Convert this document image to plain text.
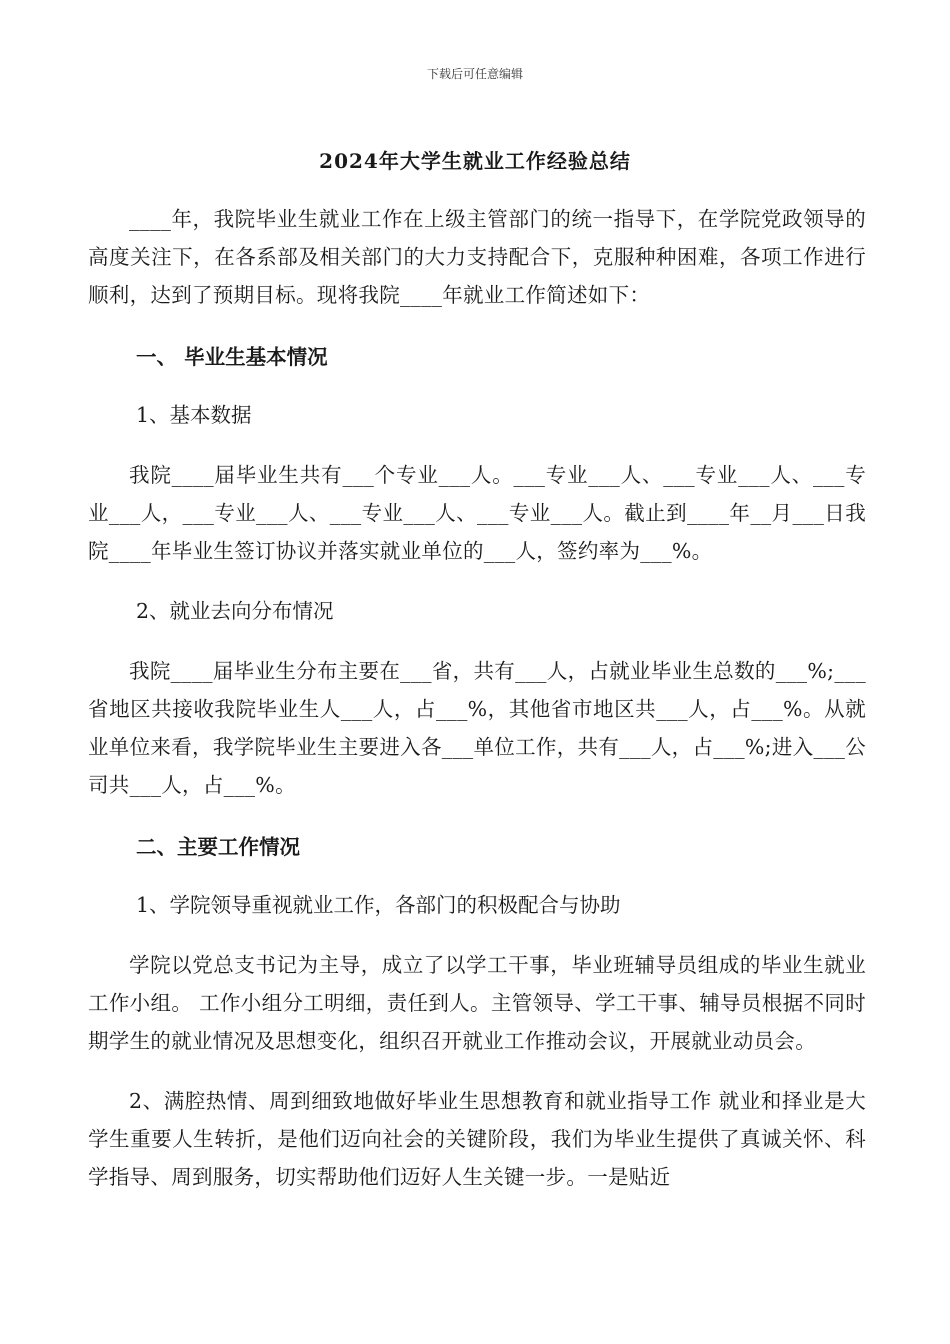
下载后可任意编辑
2024年大学生就业工作经验总结

____年，我院毕业生就业工作在上级主管部门的统一指导下，在学院党政领导的高度关注下，在各系部及相关部门的大力支持配合下，克服种种困难，各项工作进行顺利，达到了预期目标。现将我院____年就业工作简述如下：

一、 毕业生基本情况

1、基本数据

我院____届毕业生共有___个专业___人。___专业___人、___专业___人、___专业___人，___专业___人、___专业___人、___专业___人。截止到____年__月___日我院____年毕业生签订协议并落实就业单位的___人，签约率为___%。

2、就业去向分布情况

我院____届毕业生分布主要在___省，共有___人，占就业毕业生总数的___%;___省地区共接收我院毕业生人___人，占___%，其他省市地区共___人，占___%。从就业单位来看，我学院毕业生主要进入各___单位工作，共有___人，占___%;进入___公司共___人，占___%。

二、主要工作情况

1、学院领导重视就业工作，各部门的积极配合与协助

学院以党总支书记为主导，成立了以学工干事，毕业班辅导员组成的毕业生就业工作小组。 工作小组分工明细，责任到人。主管领导、学工干事、辅导员根据不同时期学生的就业情况及思想变化，组织召开就业工作推动会议，开展就业动员会。

2、满腔热情、周到细致地做好毕业生思想教育和就业指导工作 就业和择业是大学生重要人生转折，是他们迈向社会的关键阶段，我们为毕业生提供了真诚关怀、科学指导、周到服务，切实帮助他们迈好人生关键一步。一是贴近
